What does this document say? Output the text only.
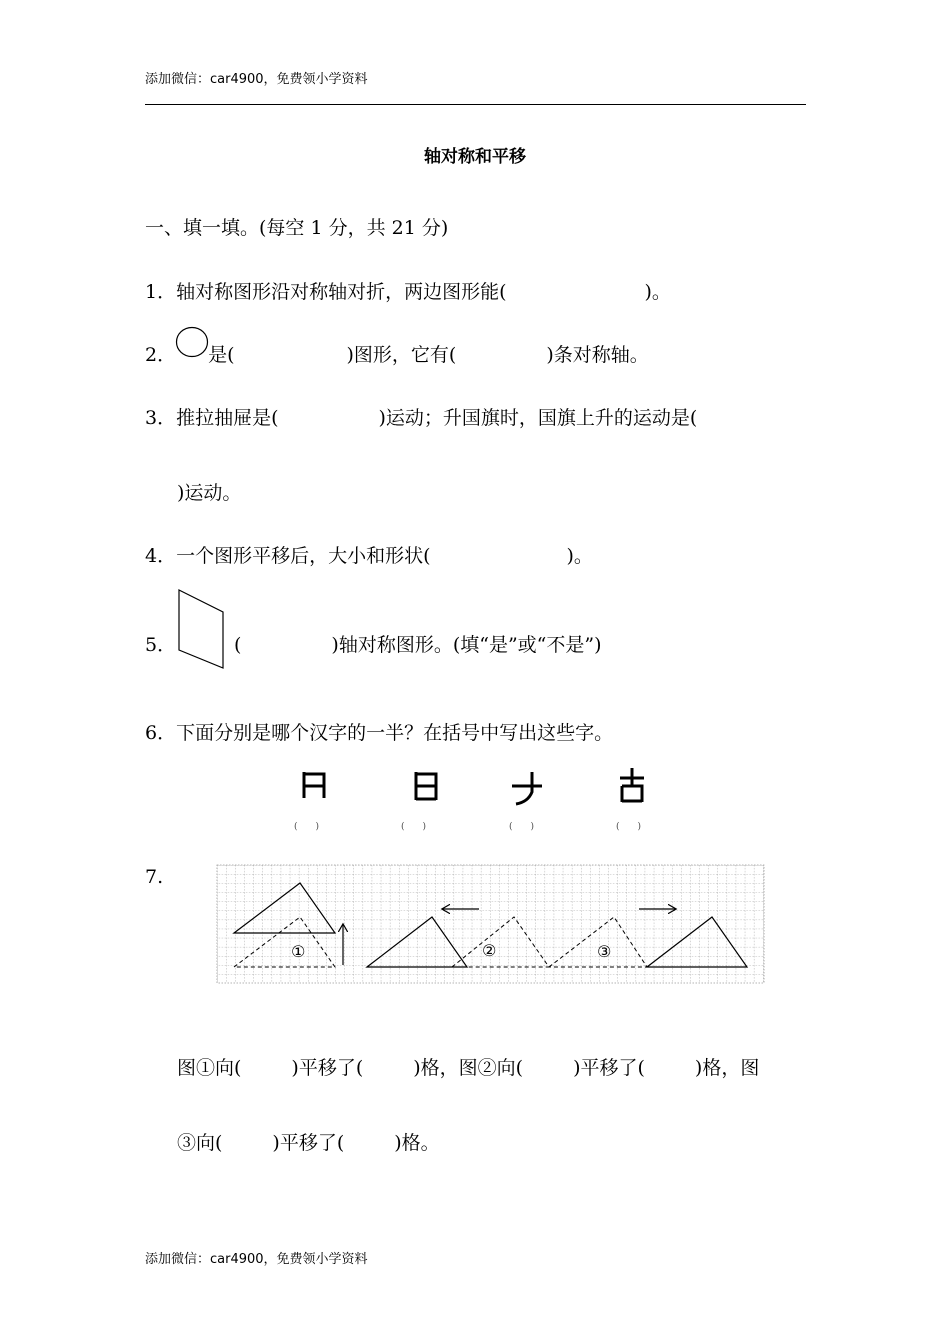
添加微信：car4900，免费领小学资料
轴对称和平移
一、填一填。(每空 1 分，共 21 分)
1．轴对称图形沿对称轴对折，两边图形能(	)。
2． 是(	)图形，它有(	)条对称轴。
3．推拉抽屉是(	)运动；升国旗时，国旗上升的运动是(
)运动。
4．一个图形平移后，大小和形状(	)。
5．	(	)轴对称图形。(填“是”或“不是”)
6．下面分别是哪个汉字的一半？在括号中写出这些字。
(　　)	(　　)	(　　)	(　　)
7.
①	②	③
图①向(	)平移了(	)格，图②向(	)平移了(	)格，图
③向(	)平移了(	)格。
添加微信：car4900，免费领小学资料
